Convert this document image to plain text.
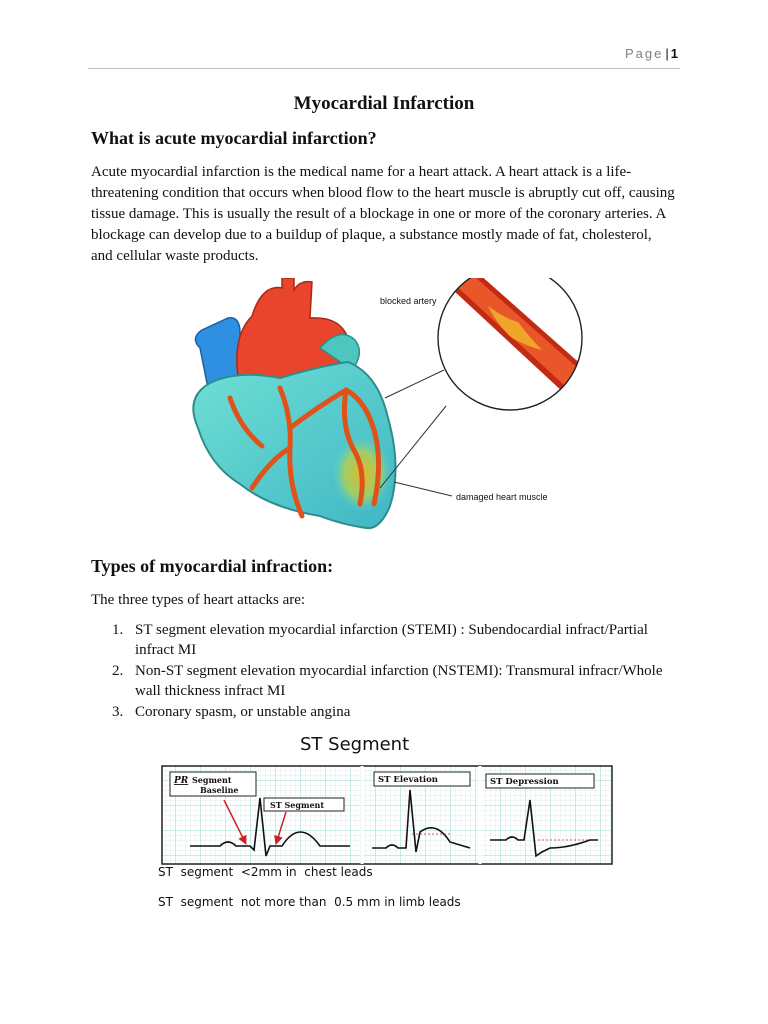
Page | 1
Myocardial Infarction
What is acute myocardial infarction?

Acute myocardial infarction is the medical name for a heart attack. A heart attack is a life-
threatening condition that occurs when blood flow to the heart muscle is abruptly cut off, causing
tissue damage. This is usually the result of a blockage in one or more of the coronary arteries. A
blockage can develop due to a buildup of plaque, a substance mostly made of fat, cholesterol,
and cellular waste products.

blocked artery
damaged heart muscle
Types of myocardial infraction:

The three types of heart attacks are:

1. ST segment elevation myocardial infarction (STEMI) : Subendocardial infract/Partial
infract MI
2. Non-ST segment elevation myocardial infarction (NSTEMI): Transmural infracr/Whole
wall thickness infract MI
3. Coronary spasm, or unstable angina
ST Segment
PR Segment
Baseline
ST Segment
ST Elevation	ST Depression
ST  segment  <2mm in  chest leads
ST  segment  not more than  0.5 mm in limb leads
